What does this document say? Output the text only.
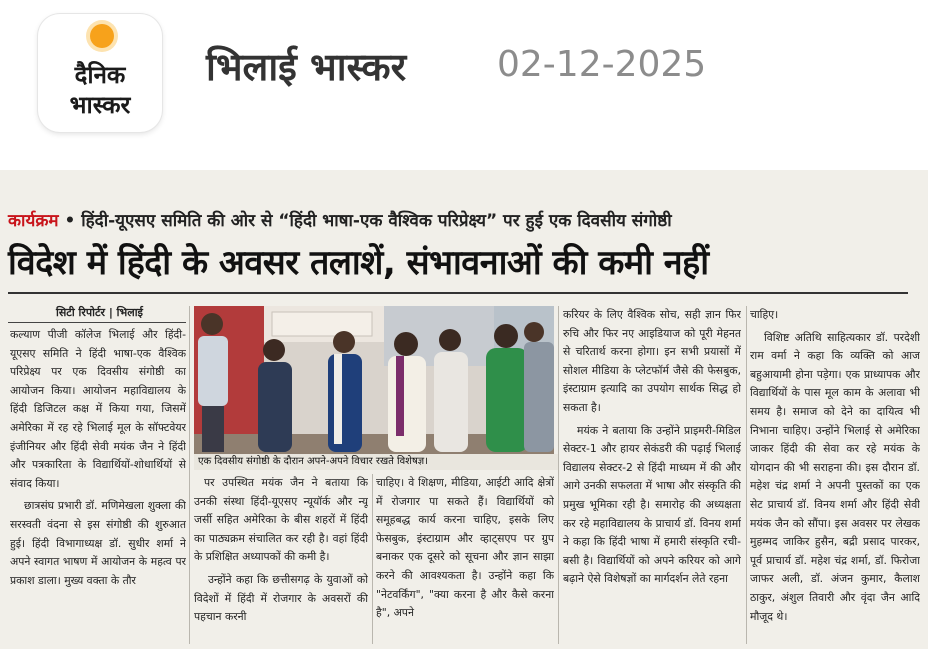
दैनिक
भास्कर
भिलाई भास्कर	02-12-2025
कार्यक्रम • हिंदी-यूएसए समिति की ओर से “हिंदी भाषा-एक वैश्विक परिप्रेक्ष्य” पर हुई एक दिवसीय संगोष्ठी
विदेश में हिंदी के अवसर तलाशें, संभावनाओं की कमी नहीं
सिटी रिपोर्टर | भिलाई

कल्याण पीजी कॉलेज भिलाई और हिंदी-यूएसए समिति ने हिंदी भाषा-एक वैश्विक परिप्रेक्ष्य पर एक दिवसीय संगोष्ठी का आयोजन किया। आयोजन महाविद्यालय के हिंदी डिजिटल कक्ष में किया गया, जिसमें अमेरिका में रह रहे भिलाई मूल के सॉफ्टवेयर इंजीनियर और हिंदी सेवी मयंक जैन ने हिंदी और पत्रकारिता के विद्यार्थियों-शोधार्थियों से संवाद किया।

छात्रसंघ प्रभारी डॉ. मणिमेखला शुक्ला की सरस्वती वंदना से इस संगोष्ठी की शुरुआत हुई। हिंदी विभागाध्यक्ष डॉ. सुधीर शर्मा ने अपने स्वागत भाषण में आयोजन के महत्व पर प्रकाश डाला। मुख्य वक्ता के तौर

एक दिवसीय संगोष्ठी के दौरान अपने-अपने विचार रखते विशेषज्ञ।

पर उपस्थित मयंक जैन ने बताया कि उनकी संस्था हिंदी-यूएसए न्यूयॉर्क और न्यू जर्सी सहित अमेरिका के बीस शहरों में हिंदी का पाठ्यक्रम संचालित कर रही है। वहां हिंदी के प्रशिक्षित अध्यापकों की कमी है।

उन्होंने कहा कि छत्तीसगढ़ के युवाओं को विदेशों में हिंदी में रोजगार के अवसरों की पहचान करनी

चाहिए। वे शिक्षण, मीडिया, आईटी आदि क्षेत्रों में रोजगार पा सकते हैं। विद्यार्थियों को समूहबद्ध कार्य करना चाहिए, इसके लिए फेसबुक, इंस्टाग्राम और व्हाट्सएप पर ग्रुप बनाकर एक दूसरे को सूचना और ज्ञान साझा करने की आवश्यकता है। उन्होंने कहा कि "नेटवर्किंग", "क्या करना है और कैसे करना है", अपने

करियर के लिए वैश्विक सोच, सही ज्ञान फिर रुचि और फिर नए आइडियाज को पूरी मेहनत से चरितार्थ करना होगा। इन सभी प्रयासों में सोशल मीडिया के प्लेटफॉर्म जैसे की फेसबुक, इंस्टाग्राम इत्यादि का उपयोग सार्थक सिद्ध हो सकता है।

मयंक ने बताया कि उन्होंने प्राइमरी-मिडिल सेक्टर-1 और हायर सेकंडरी की पढ़ाई भिलाई विद्यालय सेक्टर-2 से हिंदी माध्यम में की और आगे उनकी सफलता में भाषा और संस्कृति की प्रमुख भूमिका रही है। समारोह की अध्यक्षता कर रहे महाविद्यालय के प्राचार्य डॉ. विनय शर्मा ने कहा कि हिंदी भाषा में हमारी संस्कृति रची-बसी है। विद्यार्थियों को अपने करियर को आगे बढ़ाने ऐसे विशेषज्ञों का मार्गदर्शन लेते रहना

चाहिए।

विशिष्ट अतिथि साहित्यकार डॉ. परदेशी राम वर्मा ने कहा कि व्यक्ति को आज बहुआयामी होना पड़ेगा। एक प्राध्यापक और विद्यार्थियों के पास मूल काम के अलावा भी समय है। समाज को देने का दायित्व भी निभाना चाहिए। उन्होंने भिलाई से अमेरिका जाकर हिंदी की सेवा कर रहे मयंक के योगदान की भी सराहना की। इस दौरान डॉ. महेश चंद्र शर्मा ने अपनी पुस्तकों का एक सेट प्राचार्य डॉ. विनय शर्मा और हिंदी सेवी मयंक जैन को सौंपा। इस अवसर पर लेखक मुहम्मद जाकिर हुसैन, बद्री प्रसाद पारकर, पूर्व प्राचार्य डॉ. महेश चंद्र शर्मा, डॉ. फिरोजा जाफर अली, डॉ. अंजन कुमार, कैलाश ठाकुर, अंशुल तिवारी और वृंदा जैन आदि मौजूद थे।
